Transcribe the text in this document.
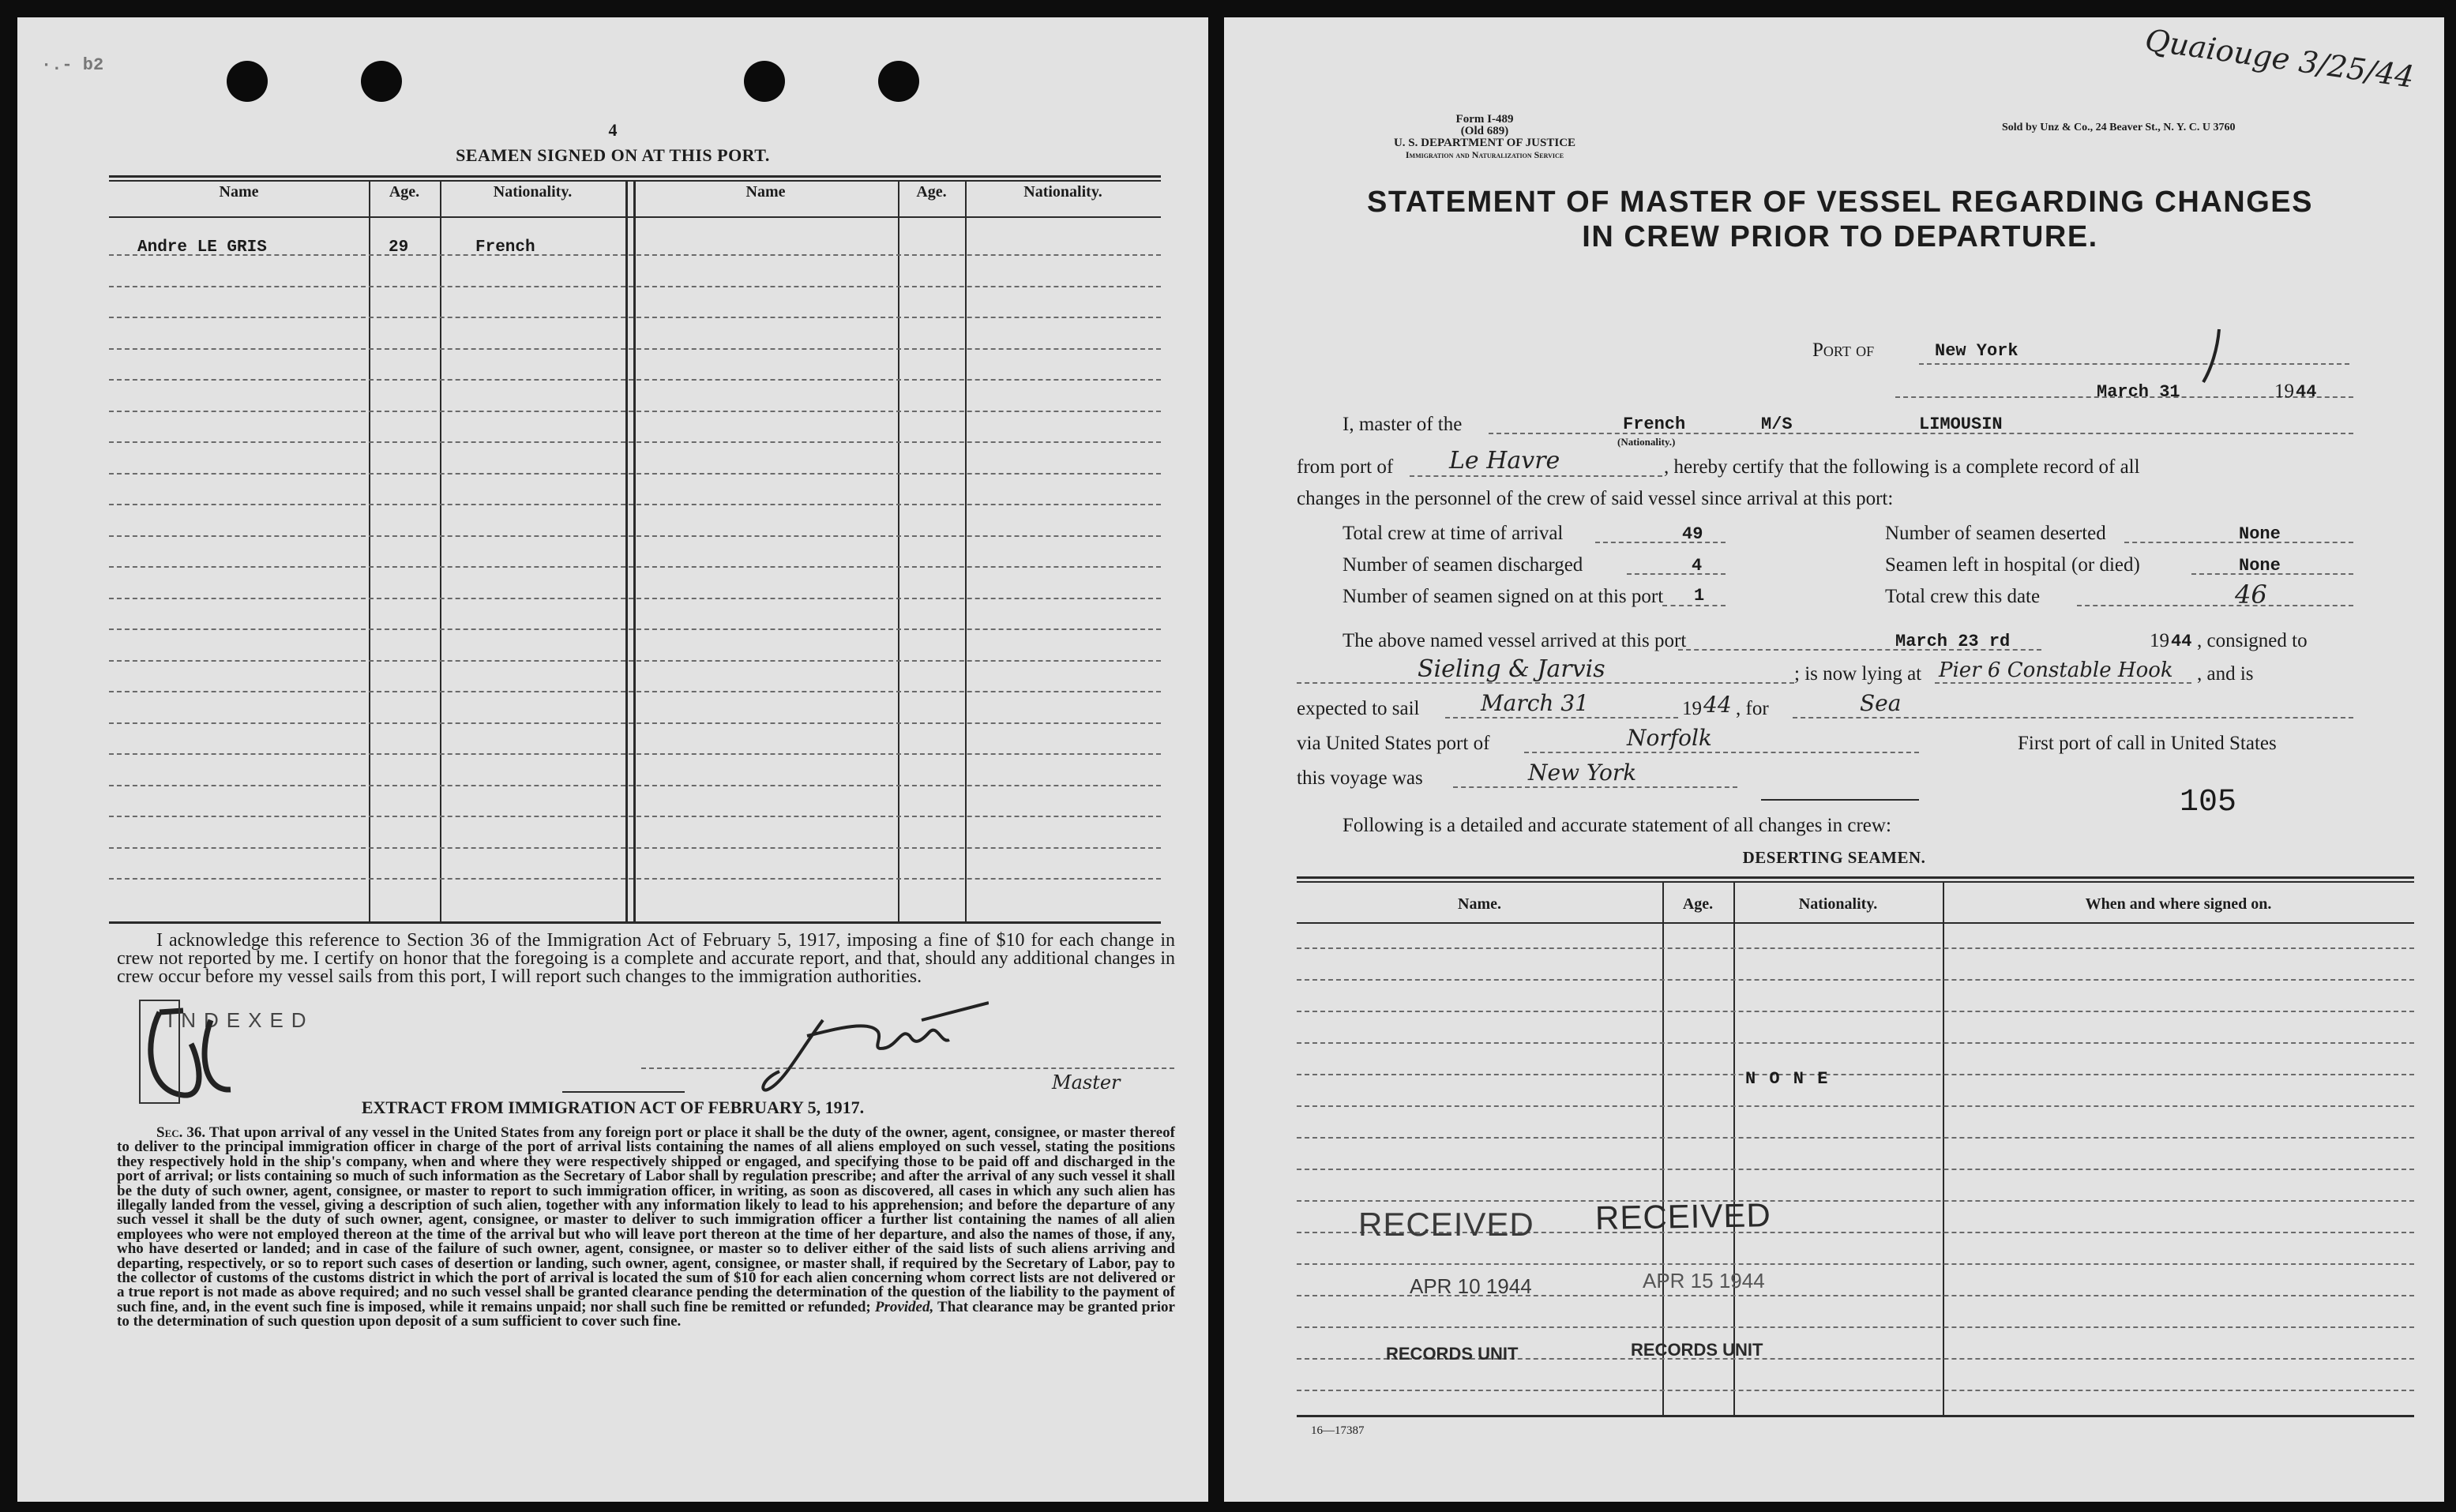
·.- b2
4
SEAMEN SIGNED ON AT THIS PORT.
Name	Age.	Nationality.	Name	Age.	Nationality.
Andre LE GRIS	29	French
I acknowledge this reference to Section 36 of the Immigration Act of February 5, 1917, imposing a fine of $10 for each change in crew not reported by me. I certify on honor that the foregoing is a complete and accurate report, and that, should any additional changes in crew occur before my vessel sails from this port, I will report such changes to the immigration authorities.
INDEXED
Master
EXTRACT FROM IMMIGRATION ACT OF FEBRUARY 5, 1917.
Sec. 36. That upon arrival of any vessel in the United States from any foreign port or place it shall be the duty of the owner, agent, consignee, or master thereof to deliver to the principal immigration officer in charge of the port of arrival lists containing the names of all aliens employed on such vessel, stating the positions they respectively hold in the ship's company, when and where they were respectively shipped or engaged, and specifying those to be paid off and discharged in the port of arrival; or lists containing so much of such information as the Secretary of Labor shall by regulation prescribe; and after the arrival of any such vessel it shall be the duty of such owner, agent, consignee, or master to report to such immigration officer, in writing, as soon as discovered, all cases in which any such alien has illegally landed from the vessel, giving a description of such alien, together with any information likely to lead to his apprehension; and before the departure of any such vessel it shall be the duty of such owner, agent, consignee, or master to deliver to such immigration officer a further list containing the names of all alien employees who were not employed thereon at the time of the arrival but who will leave port thereon at the time of her departure, and also the names of those, if any, who have deserted or landed; and in case of the failure of such owner, agent, consignee, or master so to deliver either of the said lists of such aliens arriving and departing, respectively, or so to report such cases of desertion or landing, such owner, agent, consignee, or master shall, if required by the Secretary of Labor, pay to the collector of customs of the customs district in which the port of arrival is located the sum of $10 for each alien concerning whom correct lists are not delivered or a true report is not made as above required; and no such vessel shall be granted clearance pending the determination of the question of the liability to the payment of such fine, and, in the event such fine is imposed, while it remains unpaid; nor shall such fine be remitted or refunded; Provided, That clearance may be granted prior to the determination of such question upon deposit of a sum sufficient to cover such fine.
Form I-489
(Old 689)
U. S. DEPARTMENT OF JUSTICE
Immigration and Naturalization Service
Sold by Unz & Co., 24 Beaver St., N. Y. C. U 3760
Quaiouge 3/25/44
STATEMENT OF MASTER OF VESSEL REGARDING CHANGES
IN CREW PRIOR TO DEPARTURE.
Port of	New York
March 31	19 44
I, master of the	French
(Nationality.)
M/S	LIMOUSIN
from port of Le Havre	, hereby certify that the following is a complete record of all
changes in the personnel of the crew of said vessel since arrival at this port:
Total crew at time of arrival	49	Number of seamen deserted	None
Number of seamen discharged	4	Seamen left in hospital (or died)	None
Number of seamen signed on at this port 1	Total crew this date	46
The above named vessel arrived at this port	March 23 rd	19 44 , consigned to
Sieling & Jarvis	; is now lying at Pier 6 Constable Hook , and is
expected to sail	March 31	19 44 , for	Sea
via United States port of	Norfolk	First port of call in United States
this voyage was	New York
105
Following is a detailed and accurate statement of all changes in crew:
DESERTING SEAMEN.
Name.	Age.	Nationality.	When and where signed on.
N O N E
RECEIVED
APR 10 1944
RECORDS UNIT
RECEIVED
APR 15 1944
RECORDS UNIT
16—17387
